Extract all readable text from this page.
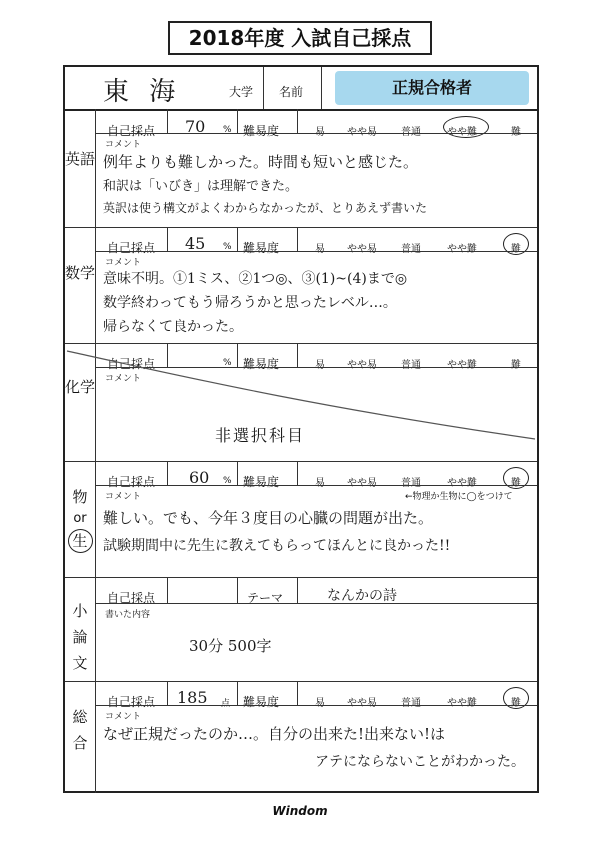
2018年度 入試自己採点
東 海	大学 名前	正規合格者
英語
自己採点 70 % 難易度	易 やや易 普通	やや難	難
コメント
例年よりも難しかった。時間も短いと感じた。
和訳は「いびき」は理解できた。
英訳は使う構文がよくわからなかったが、とりあえず書いた
数学
自己採点 45 % 難易度	易 やや易 普通	やや難	難
コメント
意味不明。①1ミス、②1つ◎、③(1)~(4)まで◎
数学終わってもう帰ろうかと思ったレベル…。
帰らなくて良かった。
化学
自己採点	% 難易度	易 やや易 普通	やや難	難
コメント
非選択科目
物
or
生
自己採点 60 % 難易度	易 やや易 普通	やや難	難
コメント	←物理か生物に◯をつけて
難しい。でも、今年３度目の心臓の問題が出た。
試験期間中に先生に教えてもらってほんとに良かった!!
小
論
文
自己採点	テーマ	なんかの詩
書いた内容
30分 500字
総
合
自己採点 185 点 難易度	易 やや易 普通	やや難	難
コメント
なぜ正規だったのか…。自分の出来た!出来ない!は
アテにならないことがわかった。
Windom
